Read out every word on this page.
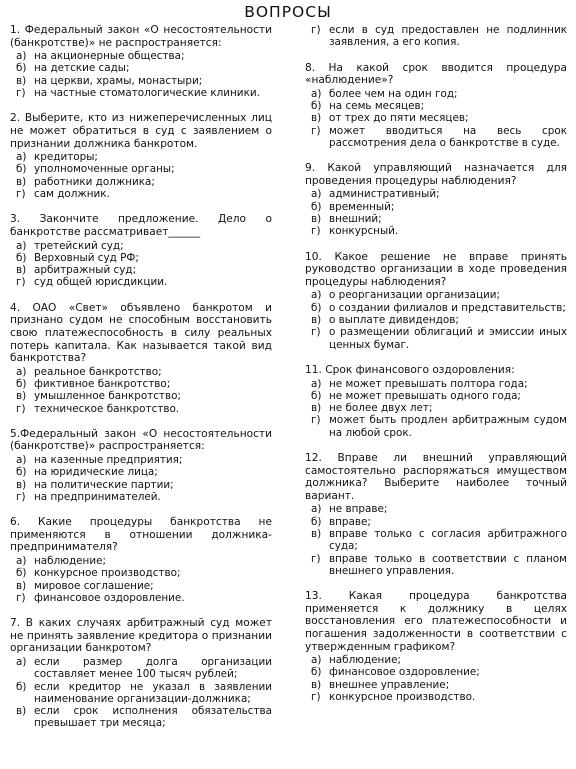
ВОПРОСЫ

1. Федеральный закон «О несостоятельности (банкротстве)» не распространяется:

а) на акционерные общества;
б) на детские сады;
в) на церкви, храмы, монастыри;
г) на частные стоматологические клиники.

2. Выберите, кто из нижеперечисленных лиц не может обратиться в суд с заявлением о признании должника банкротом.

а) кредиторы;
б) уполномоченные органы;
в) работники должника;
г) сам должник.

3. Закончите предложение. Дело о банкротстве рассматривает______

а) третейский суд;
б) Верховный суд РФ;
в) арбитражный суд;
г) суд общей юрисдикции.

4. ОАО «Свет» объявлено банкротом и признано судом не способным восстановить свою платежеспособность в силу реальных потерь капитала. Как называется такой вид банкротства?

а) реальное банкротство;
б) фиктивное банкротство;
в) умышленное банкротство;
г) техническое банкротство.

5.Федеральный закон «О несостоятельности (банкротстве)» распространяется:

а) на казенные предприятия;
б) на юридические лица;
в) на политические партии;
г) на предпринимателей.

6. Какие процедуры банкротства не применяются в отношении должника-предпринимателя?

а) наблюдение;
б) конкурсное производство;
в) мировое соглашение;
г) финансовое оздоровление.

7. В каких случаях арбитражный суд может не принять заявление кредитора о признании организации банкротом?

а) если размер долга организации составляет менее 100 тысяч рублей;
б) если кредитор не указал в заявлении наименование организации-должника;
в) если срок исполнения обязательства превышает три месяца;
г) если в суд предоставлен не подлинник заявления, а его копия.

8. На какой срок вводится процедура «наблюдение»?

а) более чем на один год;
б) на семь месяцев;
в) от трех до пяти месяцев;
г) может вводиться на весь срок рассмотрения дела о банкротстве в суде.

9. Какой управляющий назначается для проведения процедуры наблюдения?

а) административный;
б) временный;
в) внешний;
г) конкурсный.

10. Какое решение не вправе принять руководство организации в ходе проведения процедуры наблюдения?

а) о реорганизации организации;
б) о создании филиалов и представительств;
в) о выплате дивидендов;
г) о размещении облигаций и эмиссии иных ценных бумаг.

11. Срок финансового оздоровления:

а) не может превышать полтора года;
б) не может превышать одного года;
в) не более двух лет;
г) может быть продлен арбитражным судом на любой срок.

12. Вправе ли внешний управляющий самостоятельно распоряжаться имуществом должника? Выберите наиболее точный вариант.

а) не вправе;
б) вправе;
в) вправе только с согласия арбитражного суда;
г) вправе только в соответствии с планом внешнего управления.

13. Какая процедура банкротства применяется к должнику в целях восстановления его платежеспособности и погашения задолженности в соответствии с утвержденным графиком?

а) наблюдение;
б) финансовое оздоровление;
в) внешнее управление;
г) конкурсное производство.
